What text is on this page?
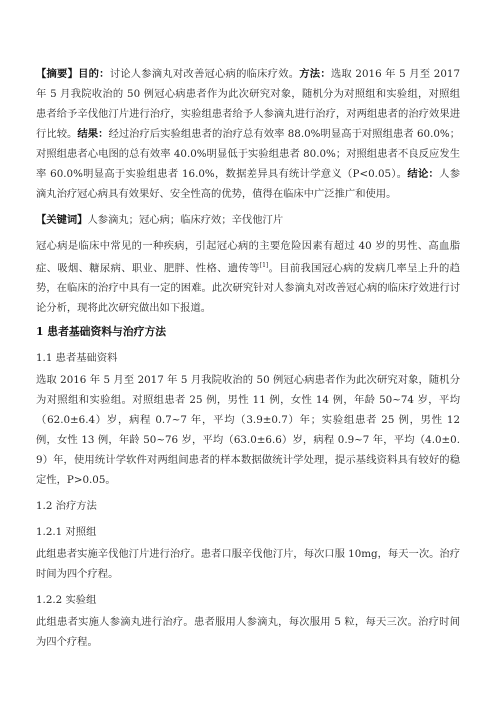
【摘要】目的：讨论人参滴丸对改善冠心病的临床疗效。方法：选取 2016 年 5 月至 2017 年 5 月我院收治的 50 例冠心病患者作为此次研究对象，随机分为对照组和实验组，对照组患者给予辛伐他汀片进行治疗，实验组患者给予人参滴丸进行治疗，对两组患者的治疗效果进行比较。结果：经过治疗后实验组患者的治疗总有效率 88.0%明显高于对照组患者 60.0%；对照组患者心电图的总有效率 40.0%明显低于实验组患者 80.0%；对照组患者不良反应发生率 60.0%明显高于实验组患者 16.0%，数据差异具有统计学意义（P<0.05）。结论：人参滴丸治疗冠心病具有效果好、安全性高的优势，值得在临床中广泛推广和使用。

【关键词】人参滴丸；冠心病；临床疗效；辛伐他汀片

冠心病是临床中常见的一种疾病，引起冠心病的主要危险因素有超过 40 岁的男性、高血脂症、吸烟、糖尿病、职业、肥胖、性格、遗传等[1]。目前我国冠心病的发病几率呈上升的趋势，在临床的治疗中具有一定的困难。此次研究针对人参滴丸对改善冠心病的临床疗效进行讨论分析，现将此次研究做出如下报道。

1 患者基础资料与治疗方法
1.1 患者基础资料

选取 2016 年 5 月至 2017 年 5 月我院收治的 50 例冠心病患者作为此次研究对象，随机分为对照组和实验组。对照组患者 25 例，男性 11 例，女性 14 例，年龄 50~74 岁，平均（62.0±6.4）岁，病程 0.7~7 年，平均（3.9±0.7）年；实验组患者 25 例，男性 12 例，女性 13 例，年龄 50~76 岁，平均（63.0±6.6）岁，病程 0.9~7 年，平均（4.0±0.9）年，使用统计学软件对两组间患者的样本数据做统计学处理，提示基线资料具有较好的稳定性，P>0.05。

1.2 治疗方法
1.2.1 对照组

此组患者实施辛伐他汀片进行治疗。患者口服辛伐他汀片，每次口服 10mg，每天一次。治疗时间为四个疗程。

1.2.2 实验组

此组患者实施人参滴丸进行治疗。患者服用人参滴丸，每次服用 5 粒，每天三次。治疗时间为四个疗程。
